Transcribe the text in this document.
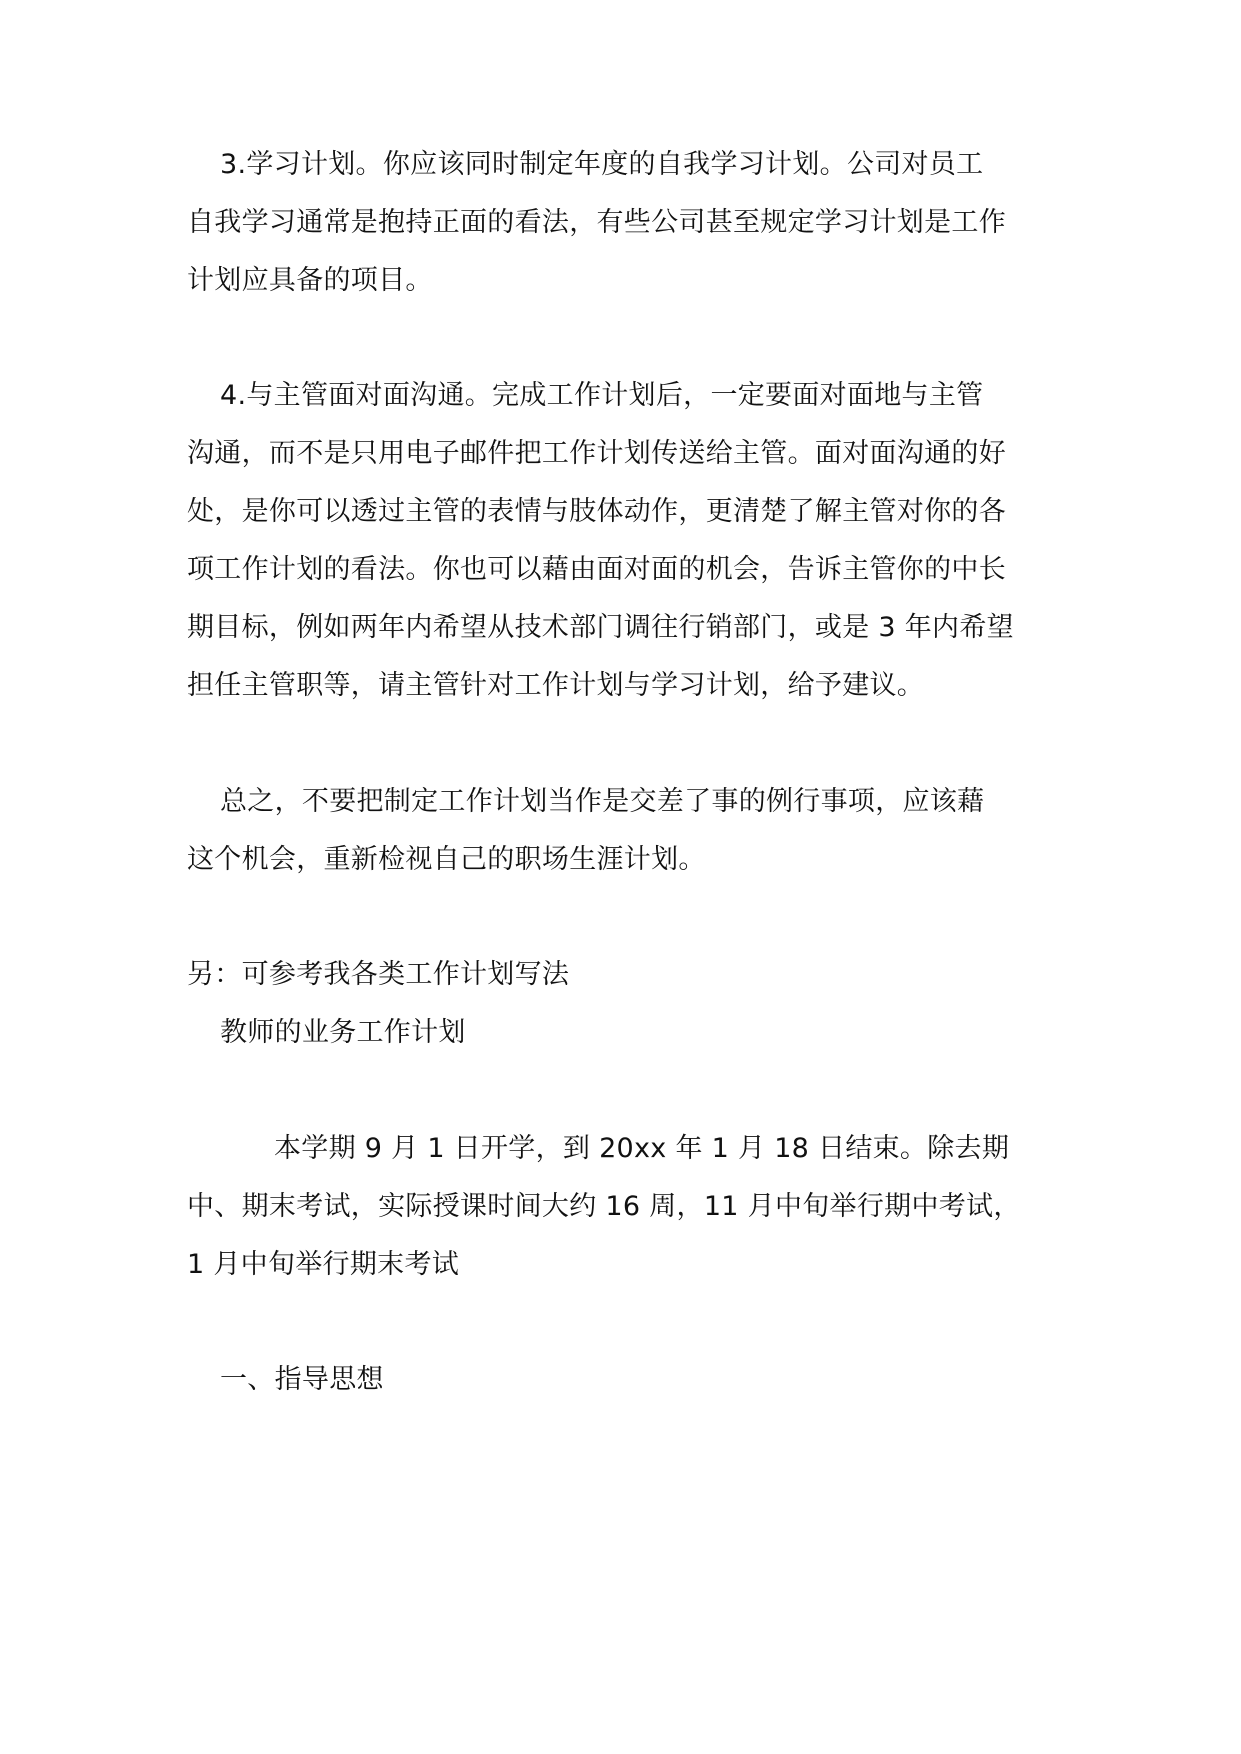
3.学习计划。你应该同时制定年度的自我学习计划。公司对员工
自我学习通常是抱持正面的看法，有些公司甚至规定学习计划是工作
计划应具备的项目。
4.与主管面对面沟通。完成工作计划后，一定要面对面地与主管
沟通，而不是只用电子邮件把工作计划传送给主管。面对面沟通的好
处，是你可以透过主管的表情与肢体动作，更清楚了解主管对你的各
项工作计划的看法。你也可以藉由面对面的机会，告诉主管你的中长
期目标，例如两年内希望从技术部门调往行销部门，或是 3 年内希望
担任主管职等，请主管针对工作计划与学习计划，给予建议。
总之，不要把制定工作计划当作是交差了事的例行事项，应该藉
这个机会，重新检视自己的职场生涯计划。
另：可参考我各类工作计划写法
教师的业务工作计划
本学期 9 月 1 日开学，到 20xx 年 1 月 18 日结束。除去期
中、期末考试，实际授课时间大约 16 周，11 月中旬举行期中考试，
1 月中旬举行期末考试
一、指导思想
